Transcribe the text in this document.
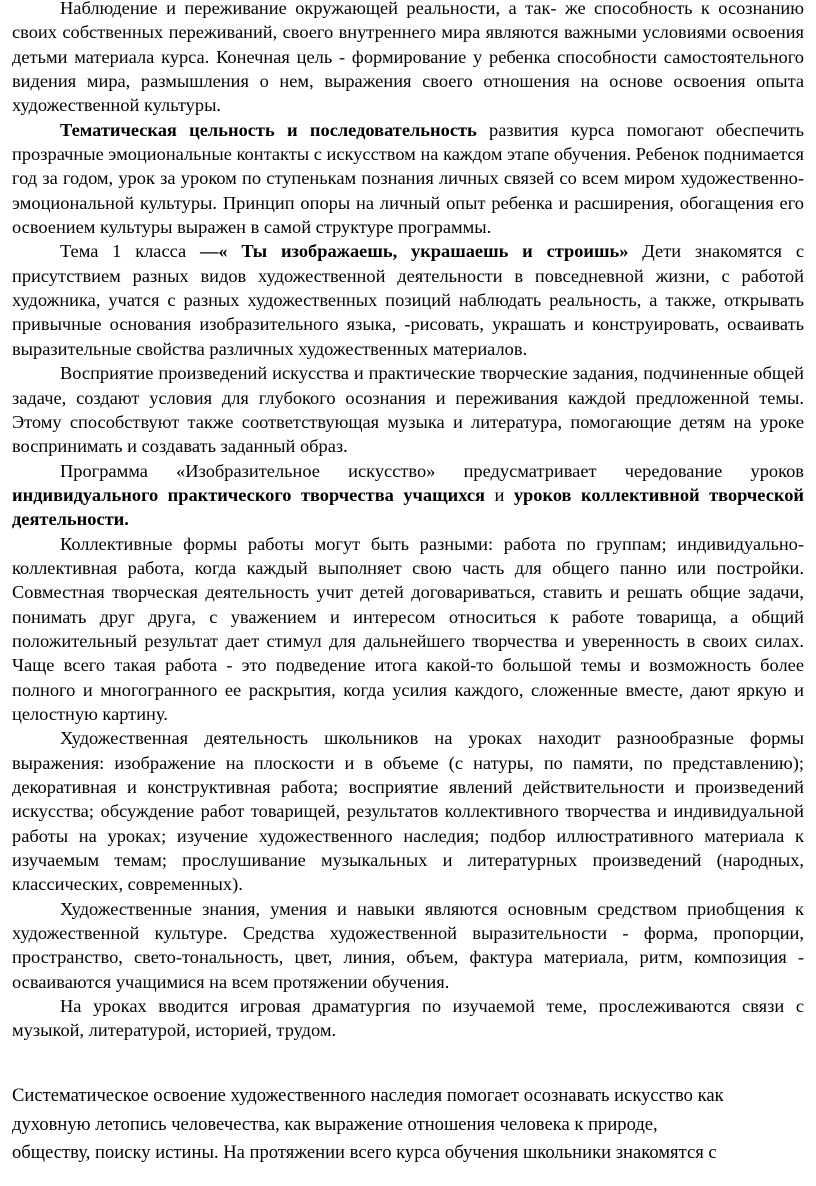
Наблюдение и переживание окружающей реальности, а так- же способность к осознанию своих собственных переживаний, своего внутреннего мира являются важными условиями освоения детьми материала курса. Конечная цель - формирование у ребенка способности самостоятельного видения мира, размышления о нем, выражения своего отношения на основе освоения опыта художественной культуры.

Тематическая цельность и последовательность развития курса помогают обеспечить прозрачные эмоциональные контакты с искусством на каждом этапе обучения. Ребенок поднимается год за годом, урок за уроком по ступенькам познания личных связей со всем миром художественно-эмоциональной культуры. Принцип опоры на личный опыт ребенка и расширения, обогащения его освоением культуры выражен в самой структуре программы.

Тема 1 класса —« Ты изображаешь, украшаешь и строишь» Дети знакомятся с присутствием разных видов художественной деятельности в повседневной жизни, с работой художника, учатся с разных художественных позиций наблюдать реальность, а также, открывать привычные основания изобразительного языка, -рисовать, украшать и конструировать, осваивать выразительные свойства различных художественных материалов.

Восприятие произведений искусства и практические творческие задания, подчиненные общей задаче, создают условия для глубокого осознания и переживания каждой предложенной темы. Этому способствуют также соответствующая музыка и литература, помогающие детям на уроке воспринимать и создавать заданный образ.

Программа «Изобразительное искусство» предусматривает чередование уроков индивидуального практического творчества учащихся и уроков коллективной творческой деятельности.

Коллективные формы работы могут быть разными: работа по группам; индивидуально-коллективная работа, когда каждый выполняет свою часть для общего панно или постройки. Совместная творческая деятельность учит детей договариваться, ставить и решать общие задачи, понимать друг друга, с уважением и интересом относиться к работе товарища, а общий положительный результат дает стимул для дальнейшего творчества и уверенность в своих силах. Чаще всего такая работа - это подведение итога какой-то большой темы и возможность более полного и многогранного ее раскрытия, когда усилия каждого, сложенные вместе, дают яркую и целостную картину.

Художественная деятельность школьников на уроках находит разнообразные формы выражения: изображение на плоскости и в объеме (с натуры, по памяти, по представлению); декоративная и конструктивная работа; восприятие явлений действительности и произведений искусства; обсуждение работ товарищей, результатов коллективного творчества и индивидуальной работы на уроках; изучение художественного наследия; подбор иллюстративного материала к изучаемым темам; прослушивание музыкальных и литературных произведений (народных, классических, современных).

Художественные знания, умения и навыки являются основным средством приобщения к художественной культуре. Средства художественной выразительности - форма, пропорции, пространство, свето-тональность, цвет, линия, объем, фактура материала, ритм, композиция - осваиваются учащимися на всем протяжении обучения.

На уроках вводится игровая драматургия по изучаемой теме, прослеживаются связи с музыкой, литературой, историей, трудом.

Систематическое освоение художественного наследия помогает осознавать искусство как

духовную летопись человечества, как выражение отношения человека к природе,

обществу, поиску истины. На протяжении всего курса обучения школьники знакомятся с
